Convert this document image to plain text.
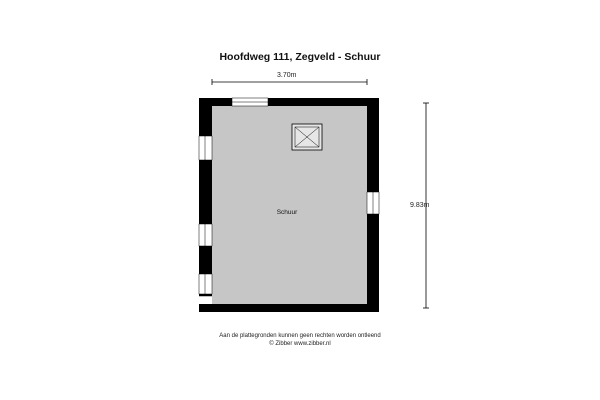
Hoofdweg 111, Zegveld - Schuur
3.70m
9.83m
Schuur
Aan de plattegronden kunnen geen rechten worden ontleend
© Zibber www.zibber.nl
